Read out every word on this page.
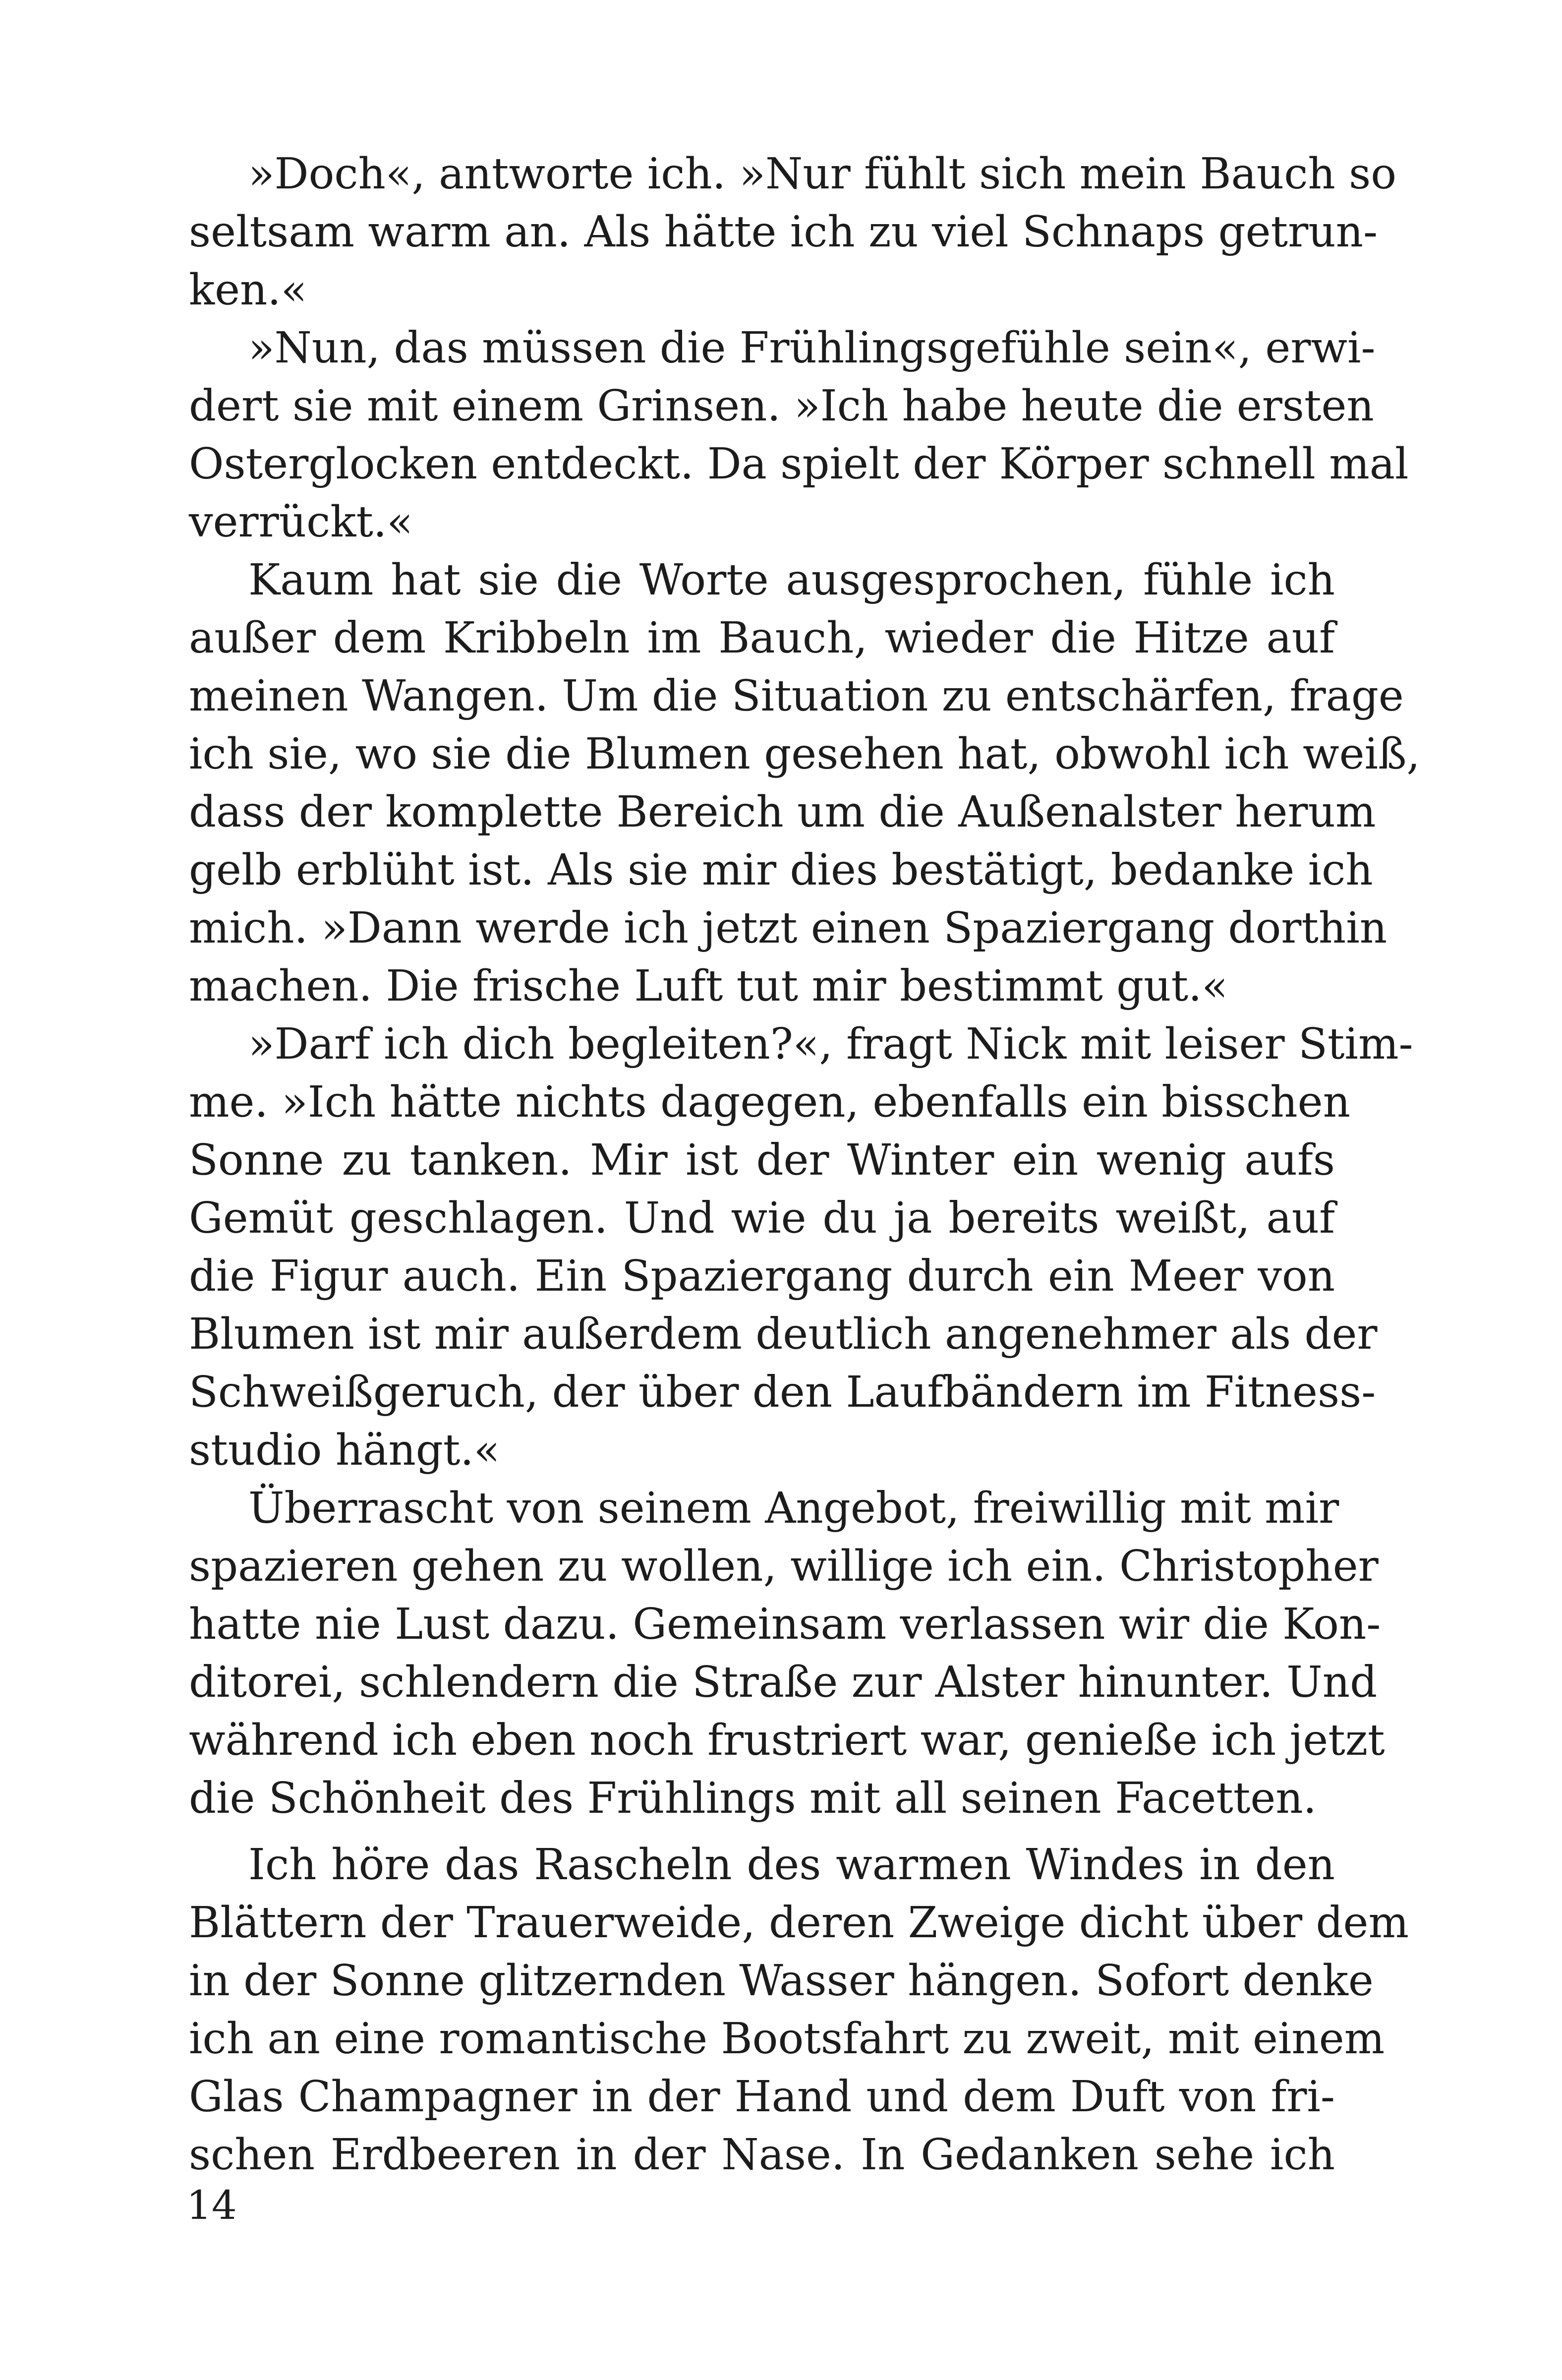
»Doch«, antworte ich. »Nur fühlt sich mein Bauch so
seltsam warm an. Als hätte ich zu viel Schnaps getrun-
ken.«
»Nun, das müssen die Frühlingsgefühle sein«, erwi-
dert sie mit einem Grinsen. »Ich habe heute die ersten
Osterglocken entdeckt. Da spielt der Körper schnell mal
verrückt.«
Kaum hat sie die Worte ausgesprochen, fühle ich
außer dem Kribbeln im Bauch, wieder die Hitze auf
meinen Wangen. Um die Situation zu entschärfen, frage
ich sie, wo sie die Blumen gesehen hat, obwohl ich weiß,
dass der komplette Bereich um die Außenalster herum
gelb erblüht ist. Als sie mir dies bestätigt, bedanke ich
mich. »Dann werde ich jetzt einen Spaziergang dorthin
machen. Die frische Luft tut mir bestimmt gut.«
»Darf ich dich begleiten?«, fragt Nick mit leiser Stim-
me. »Ich hätte nichts dagegen, ebenfalls ein bisschen
Sonne zu tanken. Mir ist der Winter ein wenig aufs
Gemüt geschlagen. Und wie du ja bereits weißt, auf
die Figur auch. Ein Spaziergang durch ein Meer von
Blumen ist mir außerdem deutlich angenehmer als der
Schweißgeruch, der über den Laufbändern im Fitness-
studio hängt.«
Überrascht von seinem Angebot, freiwillig mit mir
spazieren gehen zu wollen, willige ich ein. Christopher
hatte nie Lust dazu. Gemeinsam verlassen wir die Kon-
ditorei, schlendern die Straße zur Alster hinunter. Und
während ich eben noch frustriert war, genieße ich jetzt
die Schönheit des Frühlings mit all seinen Facetten.
Ich höre das Rascheln des warmen Windes in den
Blättern der Trauerweide, deren Zweige dicht über dem
in der Sonne glitzernden Wasser hängen. Sofort denke
ich an eine romantische Bootsfahrt zu zweit, mit einem
Glas Champagner in der Hand und dem Duft von fri-
schen Erdbeeren in der Nase. In Gedanken sehe ich
14
